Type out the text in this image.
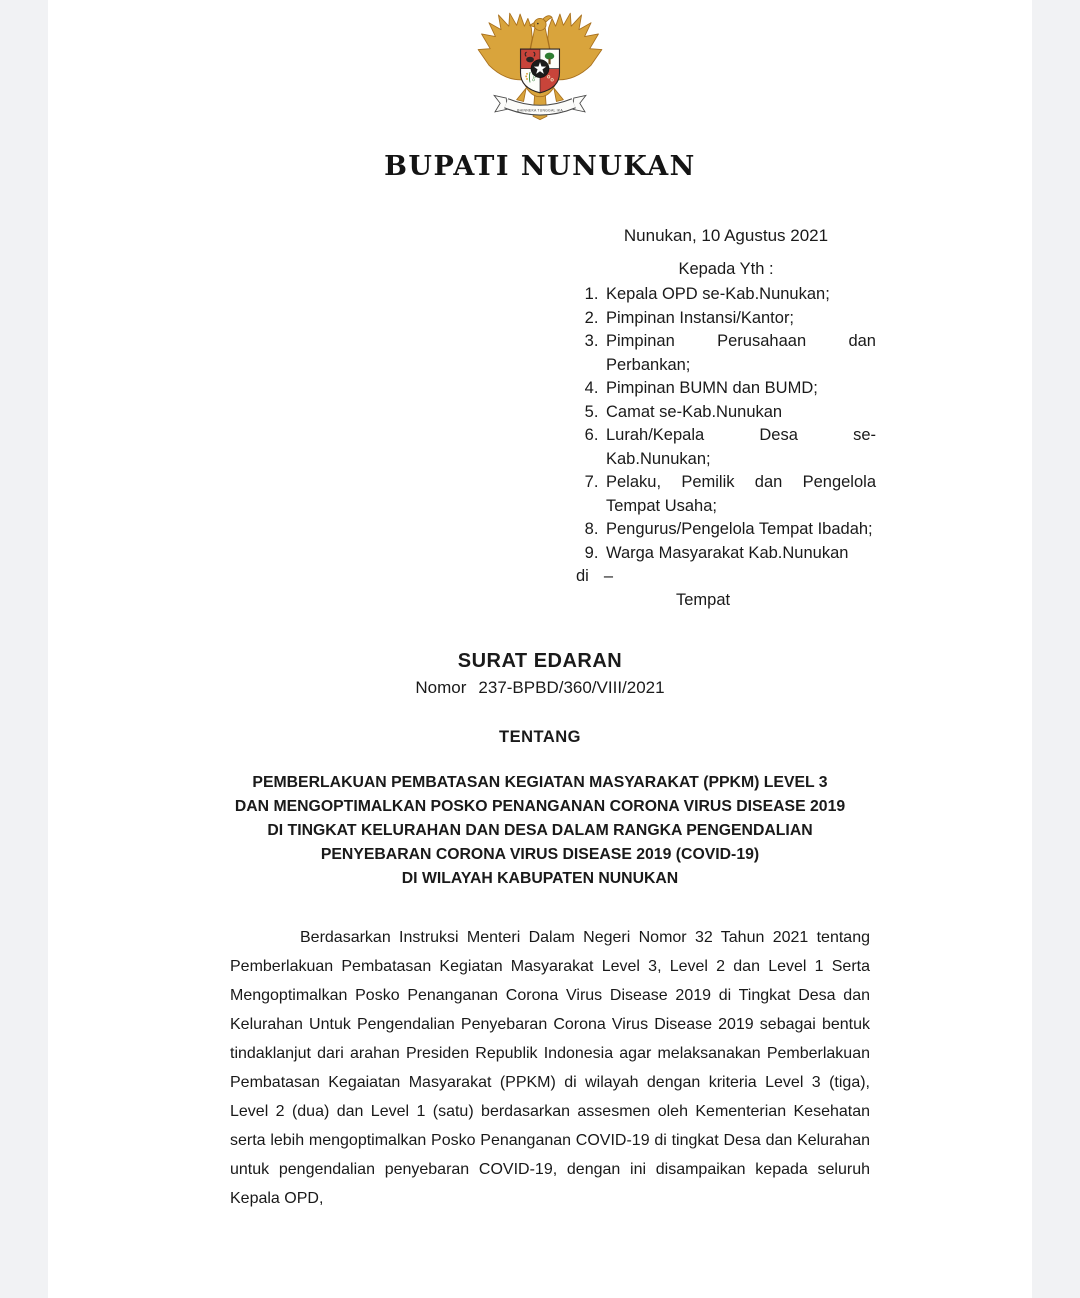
BHINNEKA TUNGGAL IKA
BUPATI NUNUKAN
Nunukan, 10 Agustus 2021
Kepada Yth :
1. Kepala OPD se-Kab.Nunukan;
2. Pimpinan Instansi/Kantor;
3. Pimpinan Perusahaan dan Perbankan;
4. Pimpinan BUMN dan BUMD;
5. Camat se-Kab.Nunukan
6. Lurah/Kepala Desa se-Kab.Nunukan;
7. Pelaku, Pemilik dan Pengelola Tempat Usaha;
8. Pengurus/Pengelola Tempat Ibadah;
9. Warga Masyarakat Kab.Nunukan
di –
Tempat
SURAT EDARAN
Nomor 237-BPBD/360/VIII/2021
TENTANG
PEMBERLAKUAN PEMBATASAN KEGIATAN MASYARAKAT (PPKM) LEVEL 3
DAN MENGOPTIMALKAN POSKO PENANGANAN CORONA VIRUS DISEASE 2019
DI TINGKAT KELURAHAN DAN DESA DALAM RANGKA PENGENDALIAN
PENYEBARAN CORONA VIRUS DISEASE 2019 (COVID-19)
DI WILAYAH KABUPATEN NUNUKAN

Berdasarkan Instruksi Menteri Dalam Negeri Nomor 32 Tahun 2021 tentang Pemberlakuan Pembatasan Kegiatan Masyarakat Level 3, Level 2 dan Level 1 Serta Mengoptimalkan Posko Penanganan Corona Virus Disease 2019 di Tingkat Desa dan Kelurahan Untuk Pengendalian Penyebaran Corona Virus Disease 2019 sebagai bentuk tindaklanjut dari arahan Presiden Republik Indonesia agar melaksanakan Pemberlakuan Pembatasan Kegaiatan Masyarakat (PPKM) di wilayah dengan kriteria Level 3 (tiga), Level 2 (dua) dan Level 1 (satu) berdasarkan assesmen oleh Kementerian Kesehatan serta lebih mengoptimalkan Posko Penanganan COVID-19 di tingkat Desa dan Kelurahan untuk pengendalian penyebaran COVID-19, dengan ini disampaikan kepada seluruh Kepala OPD,
